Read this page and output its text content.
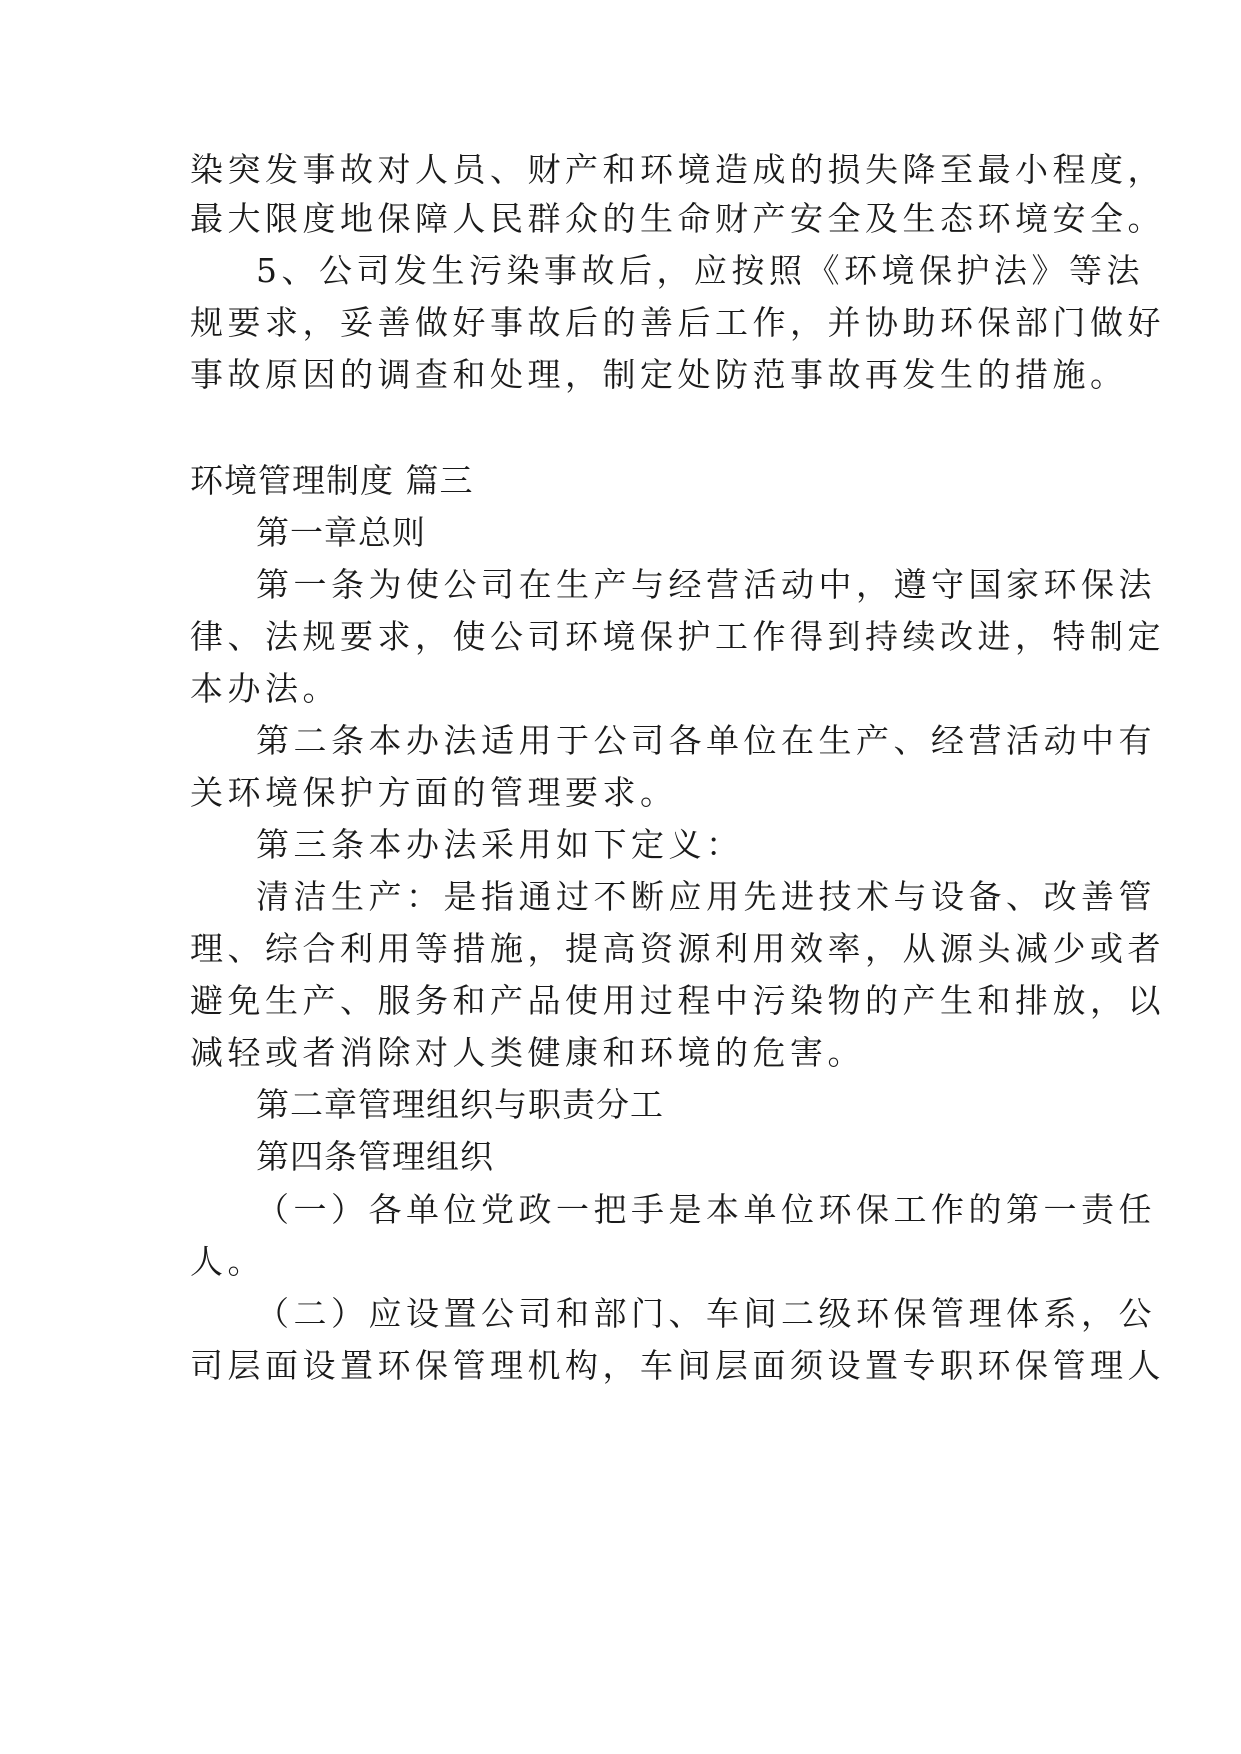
染突发事故对人员、财产和环境造成的损失降至最小程度，
最大限度地保障人民群众的生命财产安全及生态环境安全。
5、公司发生污染事故后，应按照《环境保护法》等法
规要求，妥善做好事故后的善后工作，并协助环保部门做好
事故原因的调查和处理，制定处防范事故再发生的措施。
环境管理制度 篇三
第一章总则
第一条为使公司在生产与经营活动中，遵守国家环保法
律、法规要求，使公司环境保护工作得到持续改进，特制定
本办法。
第二条本办法适用于公司各单位在生产、经营活动中有
关环境保护方面的管理要求。
第三条本办法采用如下定义：
清洁生产：是指通过不断应用先进技术与设备、改善管
理、综合利用等措施，提高资源利用效率，从源头减少或者
避免生产、服务和产品使用过程中污染物的产生和排放，以
减轻或者消除对人类健康和环境的危害。
第二章管理组织与职责分工
第四条管理组织
（一）各单位党政一把手是本单位环保工作的第一责任
人。
（二）应设置公司和部门、车间二级环保管理体系，公
司层面设置环保管理机构，车间层面须设置专职环保管理人
